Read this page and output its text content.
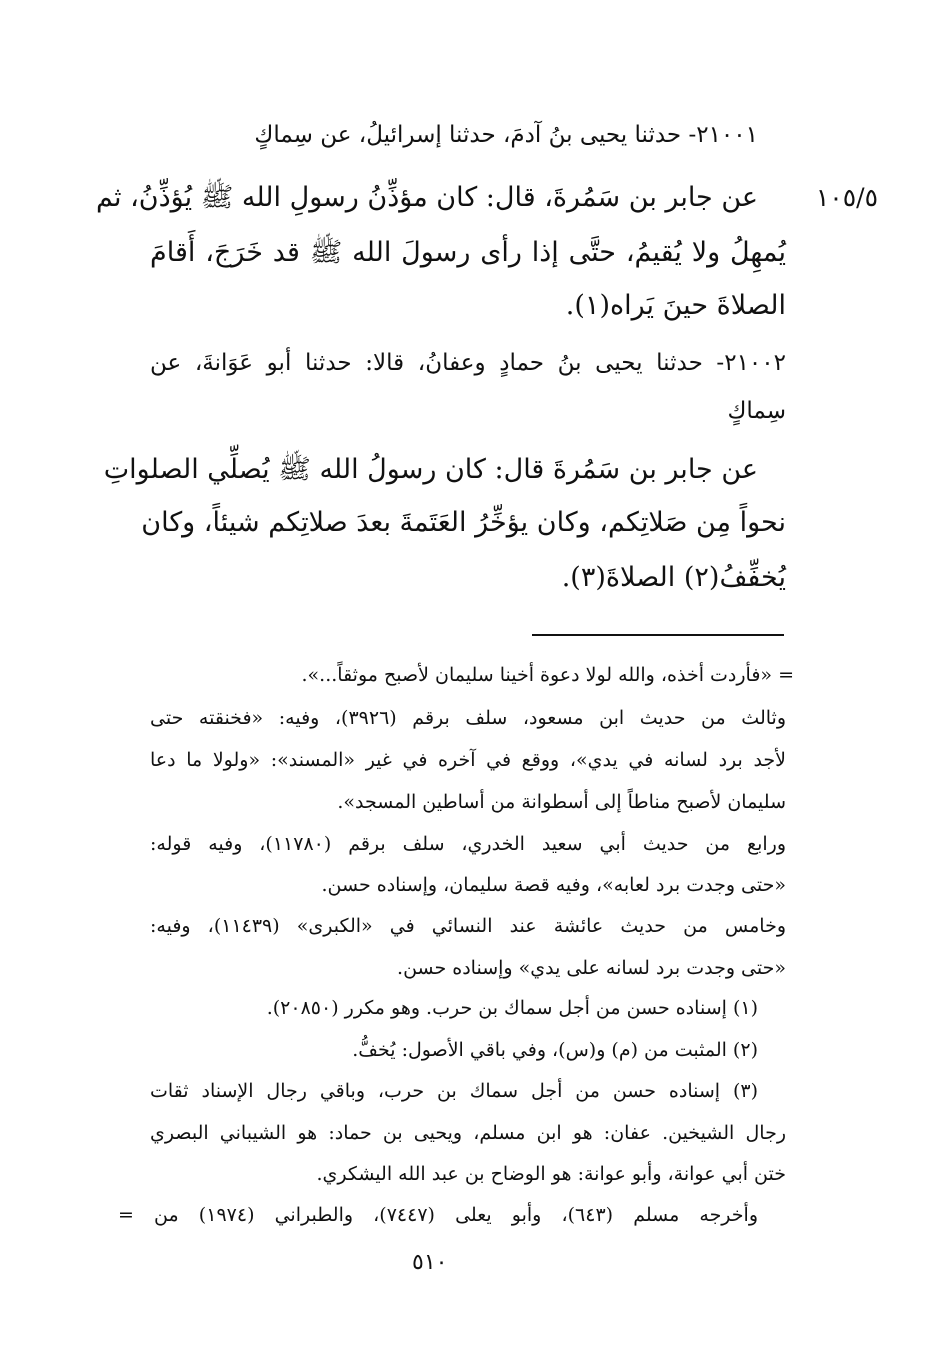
١٠٥/٥
٢١٠٠١- حدثنا يحيى بنُ آدمَ، حدثنا إسرائيلُ، عن سِماكٍ
عن جابر بن سَمُرةَ، قال: كان مؤذِّنُ رسولِ الله ﷺ يُؤذِّنُ، ثم
يُمهِلُ ولا يُقيمُ، حتَّى إذا رأى رسولَ الله ﷺ قد خَرَجَ، أَقامَ
الصلاةَ حينَ يَراه(١).
٢١٠٠٢- حدثنا يحيى بنُ حمادٍ وعفانُ، قالا: حدثنا أبو عَوَانةَ، عن
سِماكٍ
عن جابر بن سَمُرةَ قال: كان رسولُ الله ﷺ يُصلِّي الصلواتِ
نحواً مِن صَلاتِكم، وكان يؤخِّرُ العَتَمةَ بعدَ صلاتِكم شيئاً، وكان
يُخفِّفُ(٢) الصلاةَ(٣).
= «فأردت أخذه، والله لولا دعوة أخينا سليمان لأصبح موثقاً...».
وثالث من حديث ابن مسعود، سلف برقم (٣٩٢٦)، وفيه: «فخنقته حتى
لأجد برد لسانه في يدي»، ووقع في آخره في غير «المسند»: «ولولا ما دعا
سليمان لأصبح مناطاً إلى أسطوانة من أساطين المسجد».
ورابع من حديث أبي سعيد الخدري، سلف برقم (١١٧٨٠)، وفيه قوله:
«حتى وجدت برد لعابه»، وفيه قصة سليمان، وإسناده حسن.
وخامس من حديث عائشة عند النسائي في «الكبرى» (١١٤٣٩)، وفيه:
«حتى وجدت برد لسانه على يدي» وإسناده حسن.
(١) إسناده حسن من أجل سماك بن حرب. وهو مكرر (٢٠٨٥٠).
(٢) المثبت من (م) و(س)، وفي باقي الأصول: يُخفُّ.
(٣) إسناده حسن من أجل سماك بن حرب، وباقي رجال الإسناد ثقات
رجال الشيخين. عفان: هو ابن مسلم، ويحيى بن حماد: هو الشيباني البصري
ختن أبي عوانة، وأبو عوانة: هو الوضاح بن عبد الله اليشكري.
وأخرجه مسلم (٦٤٣)، وأبو يعلى (٧٤٤٧)، والطبراني (١٩٧٤) من =
٥١٠
